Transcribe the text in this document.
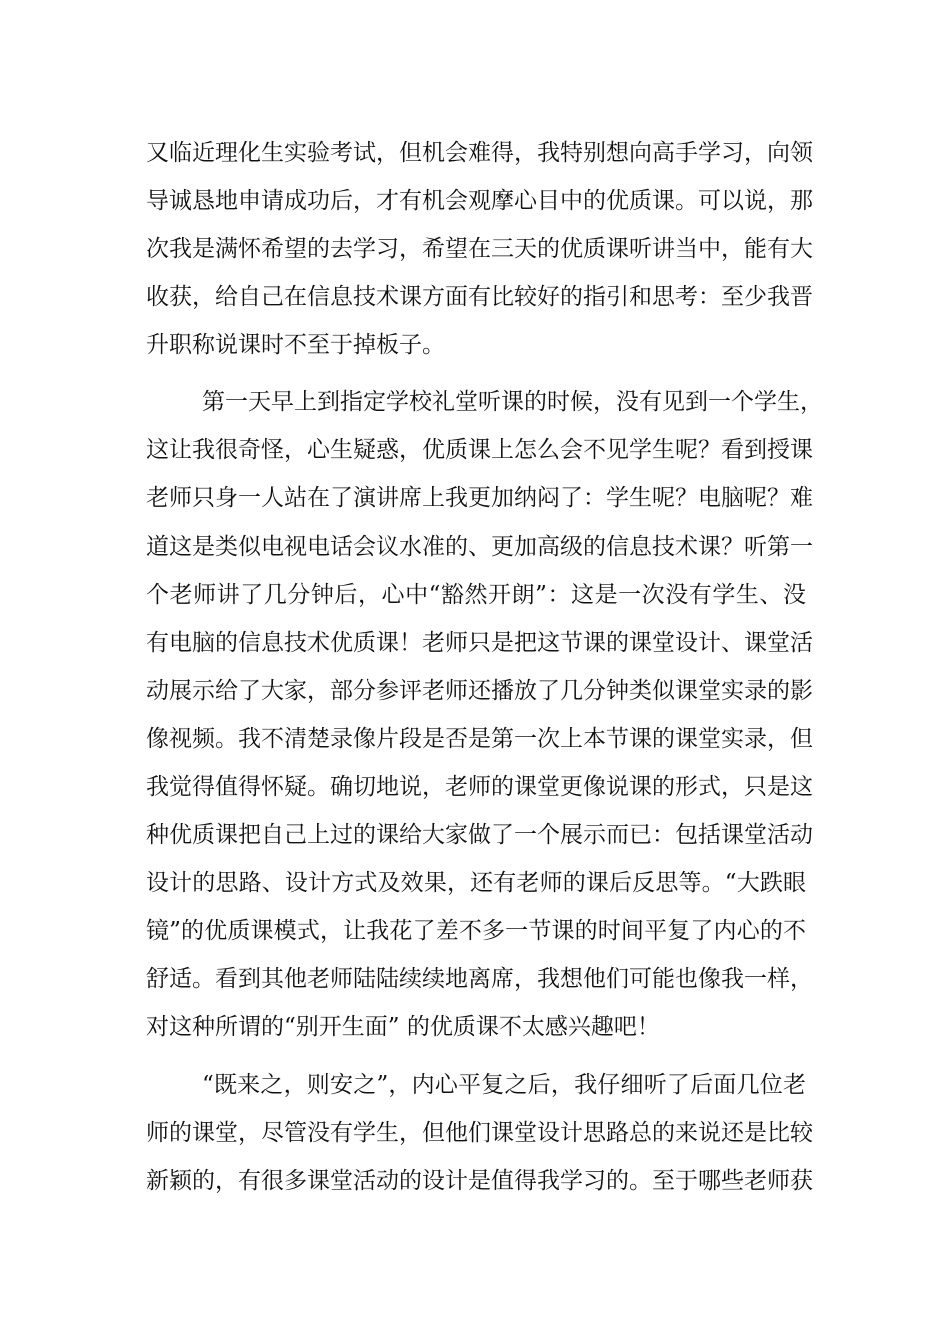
又临近理化生实验考试，但机会难得，我特别想向高手学习，向领
导诚恳地申请成功后，才有机会观摩心目中的优质课。可以说，那
次我是满怀希望的去学习，希望在三天的优质课听讲当中，能有大
收获，给自己在信息技术课方面有比较好的指引和思考：至少我晋
升职称说课时不至于掉板子。
第一天早上到指定学校礼堂听课的时候，没有见到一个学生，
这让我很奇怪，心生疑惑，优质课上怎么会不见学生呢？看到授课
老师只身一人站在了演讲席上我更加纳闷了：学生呢？电脑呢？难
道这是类似电视电话会议水准的、更加高级的信息技术课？听第一
个老师讲了几分钟后，心中“豁然开朗”：这是一次没有学生、没
有电脑的信息技术优质课！老师只是把这节课的课堂设计、课堂活
动展示给了大家，部分参评老师还播放了几分钟类似课堂实录的影
像视频。我不清楚录像片段是否是第一次上本节课的课堂实录，但
我觉得值得怀疑。确切地说，老师的课堂更像说课的形式，只是这
种优质课把自己上过的课给大家做了一个展示而已：包括课堂活动
设计的思路、设计方式及效果，还有老师的课后反思等。“大跌眼
镜”的优质课模式，让我花了差不多一节课的时间平复了内心的不
舒适。看到其他老师陆陆续续地离席，我想他们可能也像我一样，
对这种所谓的“别开生面” 的优质课不太感兴趣吧！
“既来之，则安之”，内心平复之后，我仔细听了后面几位老
师的课堂，尽管没有学生，但他们课堂设计思路总的来说还是比较
新颖的，有很多课堂活动的设计是值得我学习的。至于哪些老师获
